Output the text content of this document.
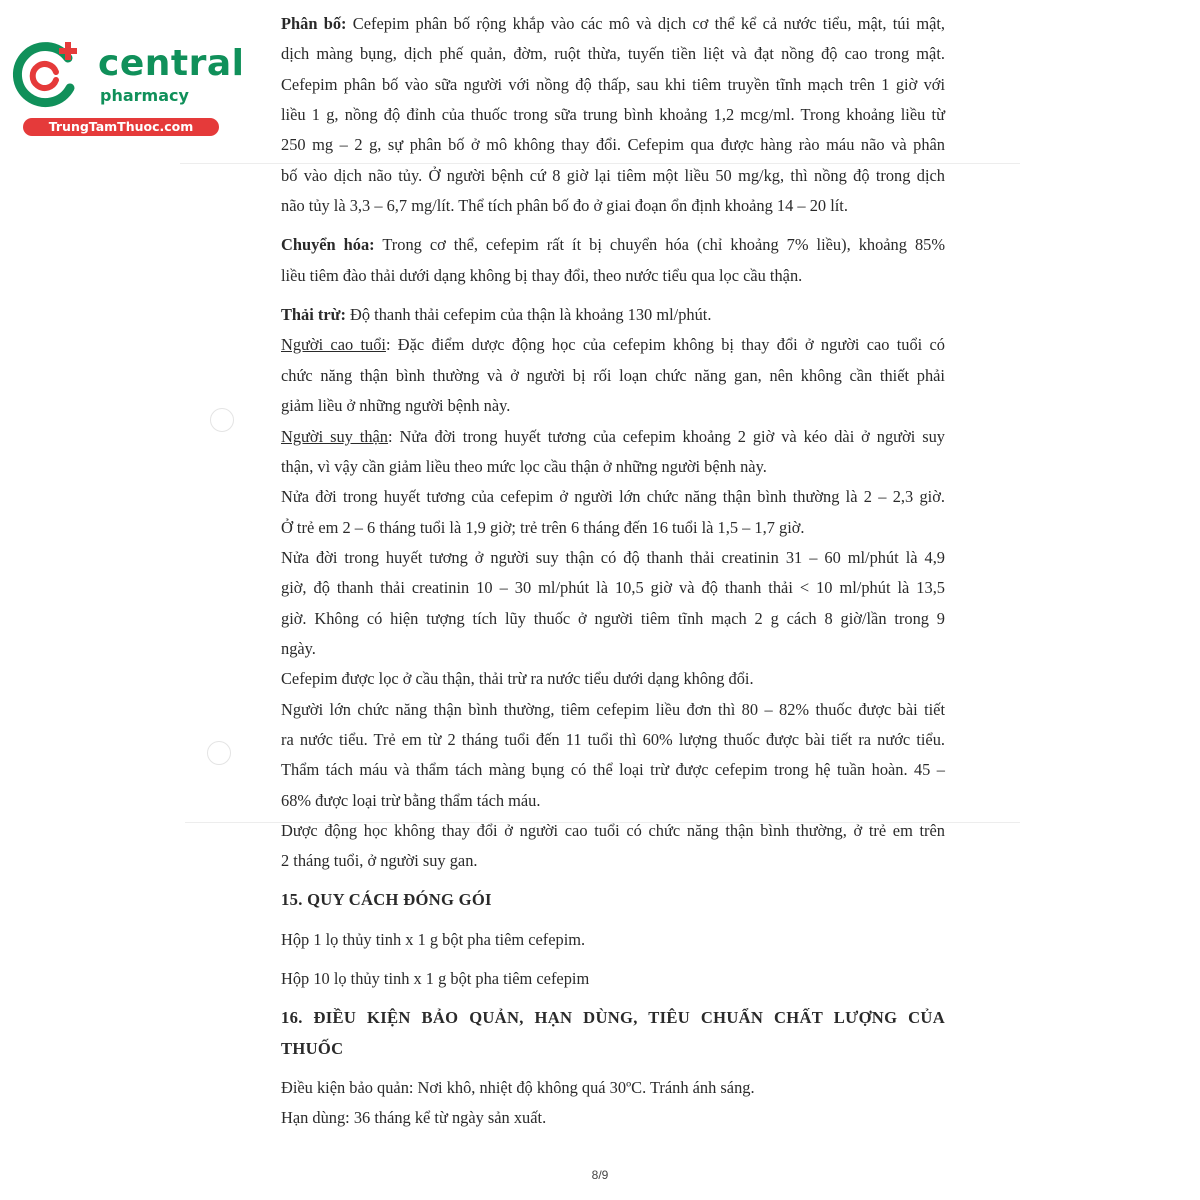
central
pharmacy
TrungTamThuoc.com
Phân bố: Cefepim phân bố rộng khắp vào các mô và dịch cơ thể kể cả nước tiểu, mật, túi mật,
dịch màng bụng, dịch phế quản, đờm, ruột thừa, tuyến tiền liệt và đạt nồng độ cao trong mật.
Cefepim phân bố vào sữa người với nồng độ thấp, sau khi tiêm truyền tĩnh mạch trên 1 giờ với
liều 1 g, nồng độ đỉnh của thuốc trong sữa trung bình khoảng 1,2 mcg/ml. Trong khoảng liều từ
250 mg – 2 g, sự phân bố ở mô không thay đổi. Cefepim qua được hàng rào máu não và phân
bố vào dịch não tủy. Ở người bệnh cứ 8 giờ lại tiêm một liều 50 mg/kg, thì nồng độ trong dịch
não tủy là 3,3 – 6,7 mg/lít. Thể tích phân bố đo ở giai đoạn ổn định khoảng 14 – 20 lít.
Chuyển hóa: Trong cơ thể, cefepim rất ít bị chuyển hóa (chỉ khoảng 7% liều), khoảng 85%
liều tiêm đào thải dưới dạng không bị thay đổi, theo nước tiểu qua lọc cầu thận.
Thải trừ: Độ thanh thải cefepim của thận là khoảng 130 ml/phút.
Người cao tuổi: Đặc điểm dược động học của cefepim không bị thay đổi ở người cao tuổi có
chức năng thận bình thường và ở người bị rối loạn chức năng gan, nên không cần thiết phải
giảm liều ở những người bệnh này.
Người suy thận: Nửa đời trong huyết tương của cefepim khoảng 2 giờ và kéo dài ở người suy
thận, vì vậy cần giảm liều theo mức lọc cầu thận ở những người bệnh này.
Nửa đời trong huyết tương của cefepim ở người lớn chức năng thận bình thường là 2 – 2,3 giờ.
Ở trẻ em 2 – 6 tháng tuổi là 1,9 giờ; trẻ trên 6 tháng đến 16 tuổi là 1,5 – 1,7 giờ.
Nửa đời trong huyết tương ở người suy thận có độ thanh thải creatinin 31 – 60 ml/phút là 4,9
giờ, độ thanh thải creatinin 10 – 30 ml/phút là 10,5 giờ và độ thanh thải < 10 ml/phút là 13,5
giờ. Không có hiện tượng tích lũy thuốc ở người tiêm tĩnh mạch 2 g cách 8 giờ/lần trong 9
ngày.
Cefepim được lọc ở cầu thận, thải trừ ra nước tiểu dưới dạng không đổi.
Người lớn chức năng thận bình thường, tiêm cefepim liều đơn thì 80 – 82% thuốc được bài tiết
ra nước tiểu. Trẻ em từ 2 tháng tuổi đến 11 tuổi thì 60% lượng thuốc được bài tiết ra nước tiểu.
Thẩm tách máu và thẩm tách màng bụng có thể loại trừ được cefepim trong hệ tuần hoàn. 45 –
68% được loại trừ bằng thẩm tách máu.
Dược động học không thay đổi ở người cao tuổi có chức năng thận bình thường, ở trẻ em trên
2 tháng tuổi, ở người suy gan.
15. QUY CÁCH ĐÓNG GÓI
Hộp 1 lọ thủy tinh x 1 g bột pha tiêm cefepim.
Hộp 10 lọ thủy tinh x 1 g bột pha tiêm cefepim
16. ĐIỀU KIỆN BẢO QUẢN, HẠN DÙNG, TIÊU CHUẨN CHẤT LƯỢNG CỦA
THUỐC
Điều kiện bảo quản: Nơi khô, nhiệt độ không quá 30ºC. Tránh ánh sáng.
Hạn dùng: 36 tháng kể từ ngày sản xuất.
8/9
